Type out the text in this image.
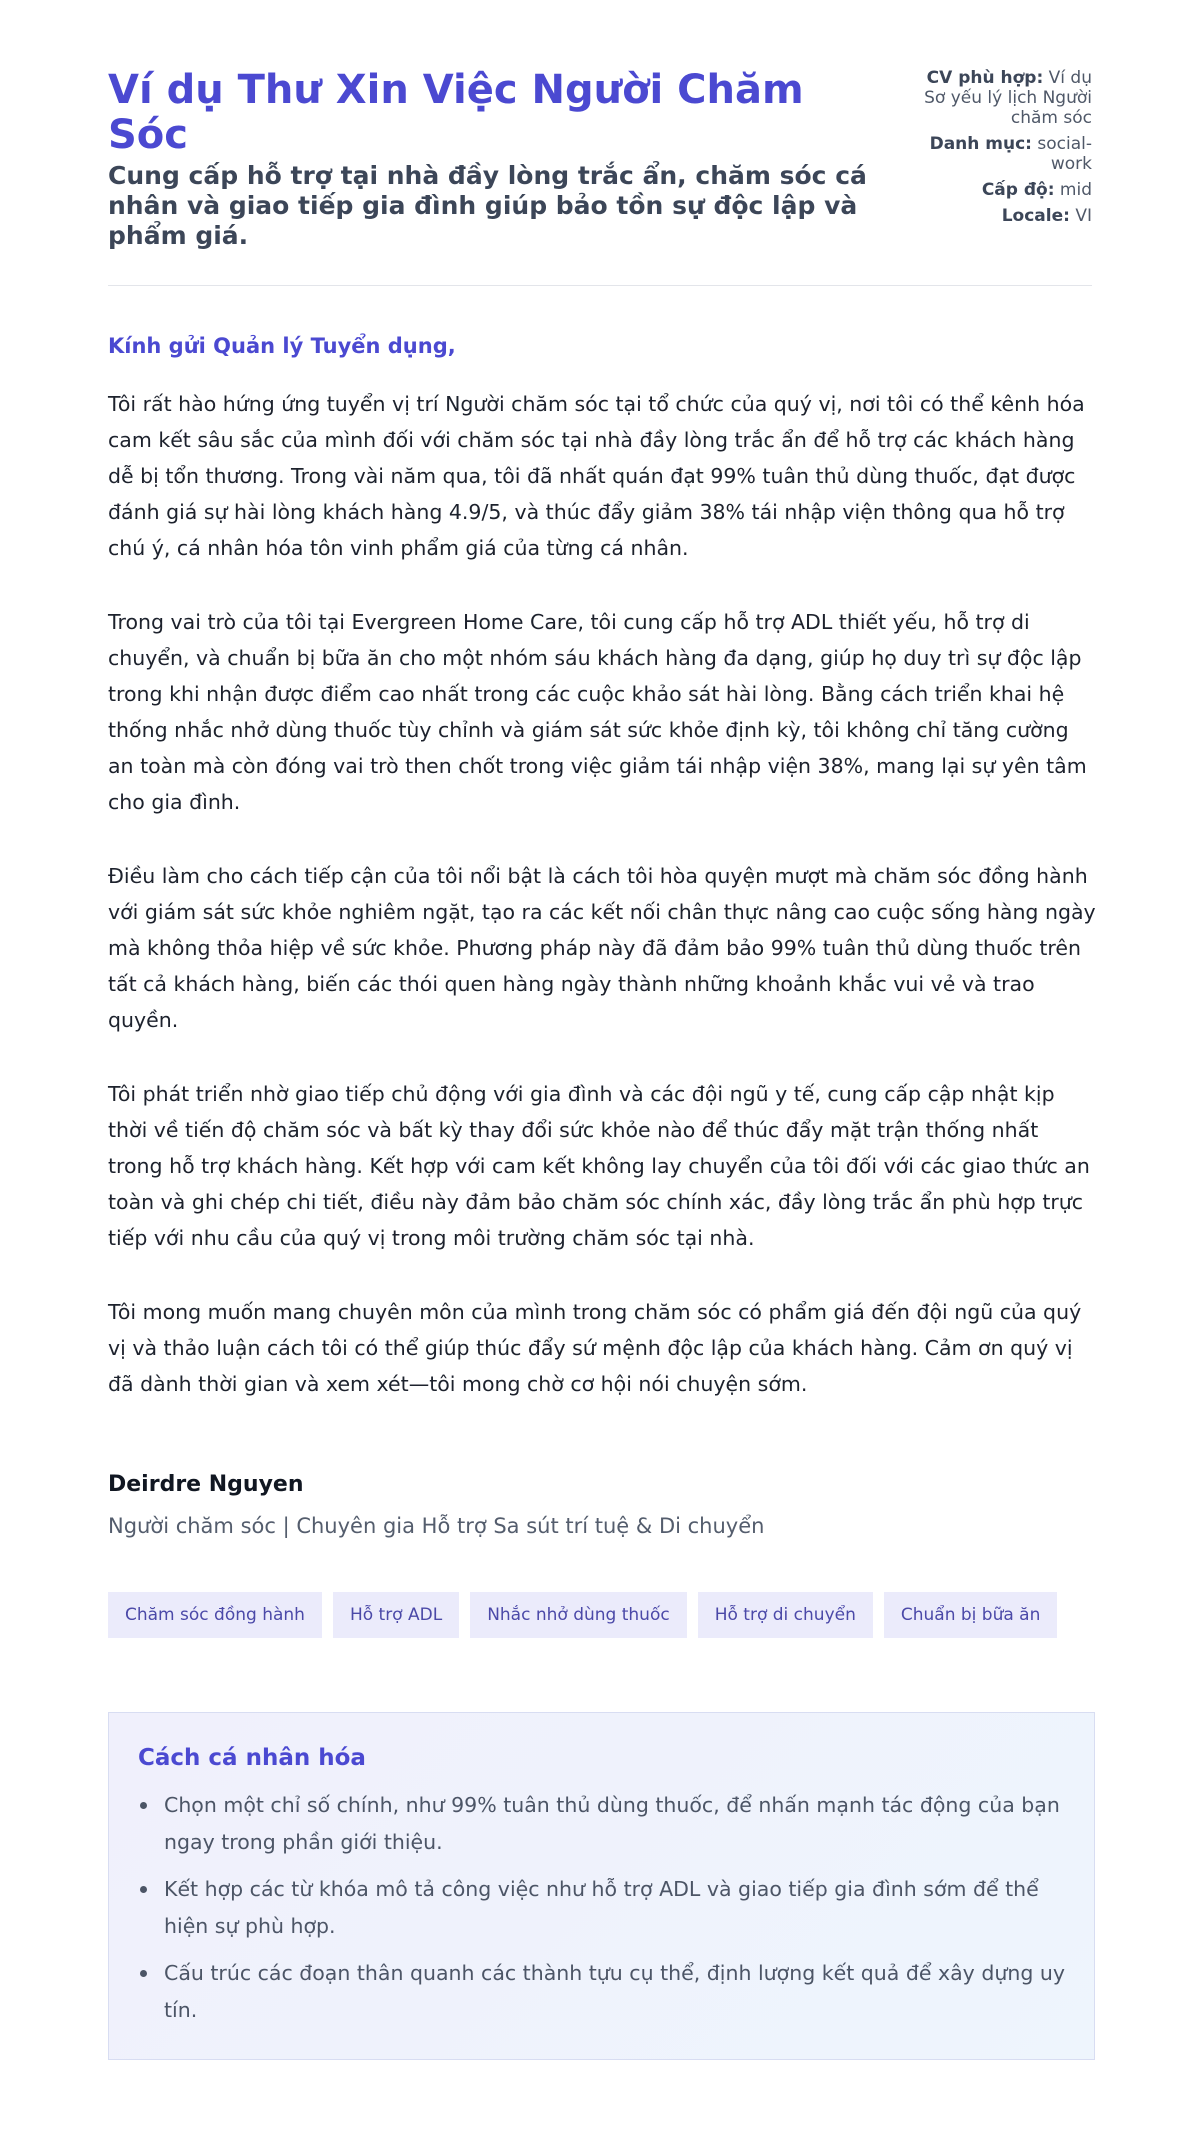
Ví dụ Thư Xin Việc Người Chăm Sóc
Cung cấp hỗ trợ tại nhà đầy lòng trắc ẩn, chăm sóc cá nhân và giao tiếp gia đình giúp bảo tồn sự độc lập và phẩm giá.
CV phù hợp: Ví dụ Sơ yếu lý lịch Người chăm sóc
Danh mục: social-work
Cấp độ: mid
Locale: VI
Kính gửi Quản lý Tuyển dụng,

Tôi rất hào hứng ứng tuyển vị trí Người chăm sóc tại tổ chức của quý vị, nơi tôi có thể kênh hóa cam kết sâu sắc của mình đối với chăm sóc tại nhà đầy lòng trắc ẩn để hỗ trợ các khách hàng dễ bị tổn thương. Trong vài năm qua, tôi đã nhất quán đạt 99% tuân thủ dùng thuốc, đạt được đánh giá sự hài lòng khách hàng 4.9/5, và thúc đẩy giảm 38% tái nhập viện thông qua hỗ trợ chú ý, cá nhân hóa tôn vinh phẩm giá của từng cá nhân.

Trong vai trò của tôi tại Evergreen Home Care, tôi cung cấp hỗ trợ ADL thiết yếu, hỗ trợ di chuyển, và chuẩn bị bữa ăn cho một nhóm sáu khách hàng đa dạng, giúp họ duy trì sự độc lập trong khi nhận được điểm cao nhất trong các cuộc khảo sát hài lòng. Bằng cách triển khai hệ thống nhắc nhở dùng thuốc tùy chỉnh và giám sát sức khỏe định kỳ, tôi không chỉ tăng cường an toàn mà còn đóng vai trò then chốt trong việc giảm tái nhập viện 38%, mang lại sự yên tâm cho gia đình.

Điều làm cho cách tiếp cận của tôi nổi bật là cách tôi hòa quyện mượt mà chăm sóc đồng hành với giám sát sức khỏe nghiêm ngặt, tạo ra các kết nối chân thực nâng cao cuộc sống hàng ngày mà không thỏa hiệp về sức khỏe. Phương pháp này đã đảm bảo 99% tuân thủ dùng thuốc trên tất cả khách hàng, biến các thói quen hàng ngày thành những khoảnh khắc vui vẻ và trao quyền.

Tôi phát triển nhờ giao tiếp chủ động với gia đình và các đội ngũ y tế, cung cấp cập nhật kịp thời về tiến độ chăm sóc và bất kỳ thay đổi sức khỏe nào để thúc đẩy mặt trận thống nhất trong hỗ trợ khách hàng. Kết hợp với cam kết không lay chuyển của tôi đối với các giao thức an toàn và ghi chép chi tiết, điều này đảm bảo chăm sóc chính xác, đầy lòng trắc ẩn phù hợp trực tiếp với nhu cầu của quý vị trong môi trường chăm sóc tại nhà.

Tôi mong muốn mang chuyên môn của mình trong chăm sóc có phẩm giá đến đội ngũ của quý vị và thảo luận cách tôi có thể giúp thúc đẩy sứ mệnh độc lập của khách hàng. Cảm ơn quý vị đã dành thời gian và xem xét—tôi mong chờ cơ hội nói chuyện sớm.

Deirdre Nguyen
Người chăm sóc | Chuyên gia Hỗ trợ Sa sút trí tuệ & Di chuyển
Chăm sóc đồng hành	Hỗ trợ ADL	Nhắc nhở dùng thuốc	Hỗ trợ di chuyển	Chuẩn bị bữa ăn
Cách cá nhân hóa
Chọn một chỉ số chính, như 99% tuân thủ dùng thuốc, để nhấn mạnh tác động của bạn ngay trong phần giới thiệu.
Kết hợp các từ khóa mô tả công việc như hỗ trợ ADL và giao tiếp gia đình sớm để thể hiện sự phù hợp.
Cấu trúc các đoạn thân quanh các thành tựu cụ thể, định lượng kết quả để xây dựng uy tín.
